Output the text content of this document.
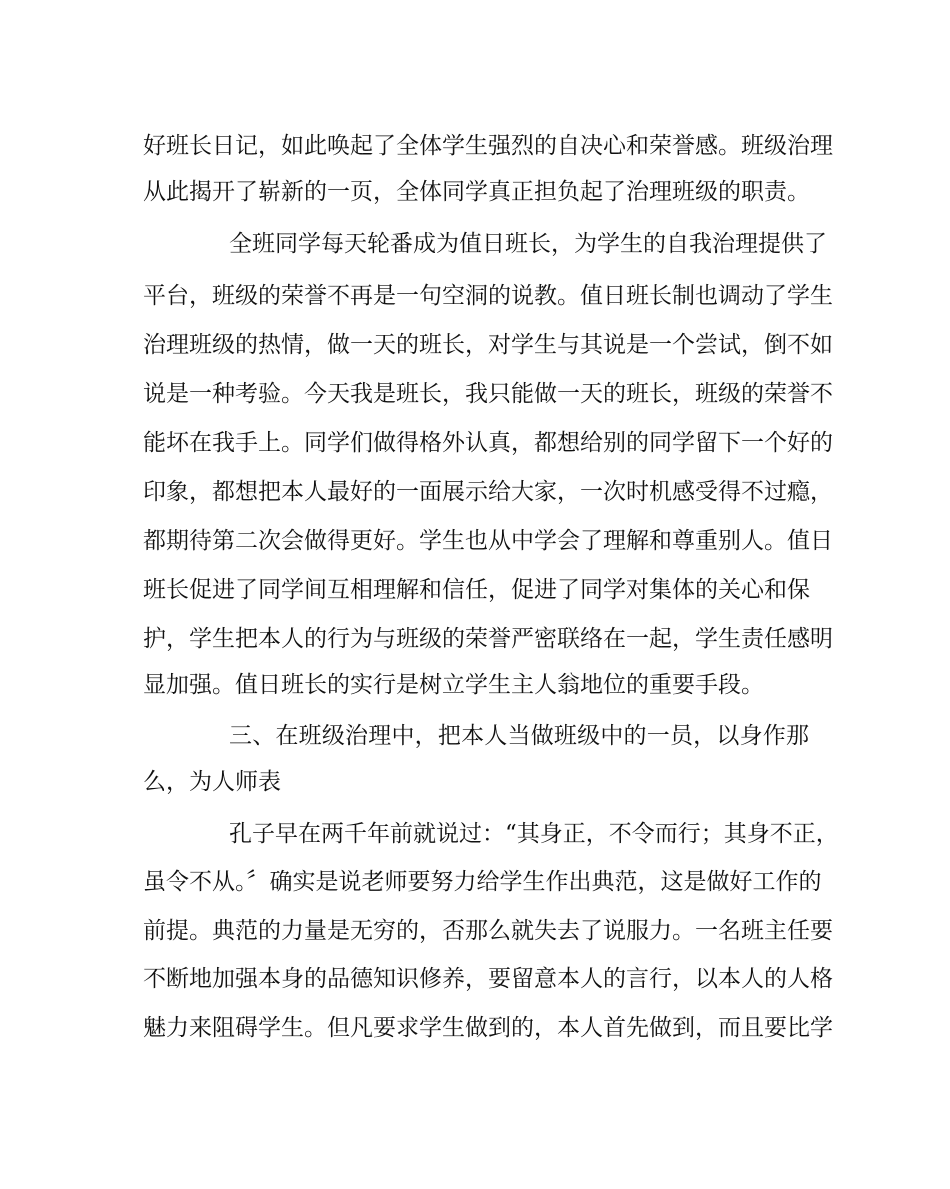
好班长日记，如此唤起了全体学生强烈的自决心和荣誉感。班级治理
从此揭开了崭新的一页，全体同学真正担负起了治理班级的职责。
全班同学每天轮番成为值日班长，为学生的自我治理提供了
平台，班级的荣誉不再是一句空洞的说教。值日班长制也调动了学生
治理班级的热情，做一天的班长，对学生与其说是一个尝试，倒不如
说是一种考验。今天我是班长，我只能做一天的班长，班级的荣誉不
能坏在我手上。同学们做得格外认真，都想给别的同学留下一个好的
印象，都想把本人最好的一面展示给大家，一次时机感受得不过瘾，
都期待第二次会做得更好。学生也从中学会了理解和尊重别人。值日
班长促进了同学间互相理解和信任，促进了同学对集体的关心和保
护，学生把本人的行为与班级的荣誉严密联络在一起，学生责任感明
显加强。值日班长的实行是树立学生主人翁地位的重要手段。
三、在班级治理中，把本人当做班级中的一员，以身作那
么，为人师表
孔子早在两千年前就说过：“其身正，不令而行；其身不正，
虽令不从。〞确实是说老师要努力给学生作出典范，这是做好工作的
前提。典范的力量是无穷的，否那么就失去了说服力。一名班主任要
不断地加强本身的品德知识修养，要留意本人的言行，以本人的人格
魅力来阻碍学生。但凡要求学生做到的，本人首先做到，而且要比学
